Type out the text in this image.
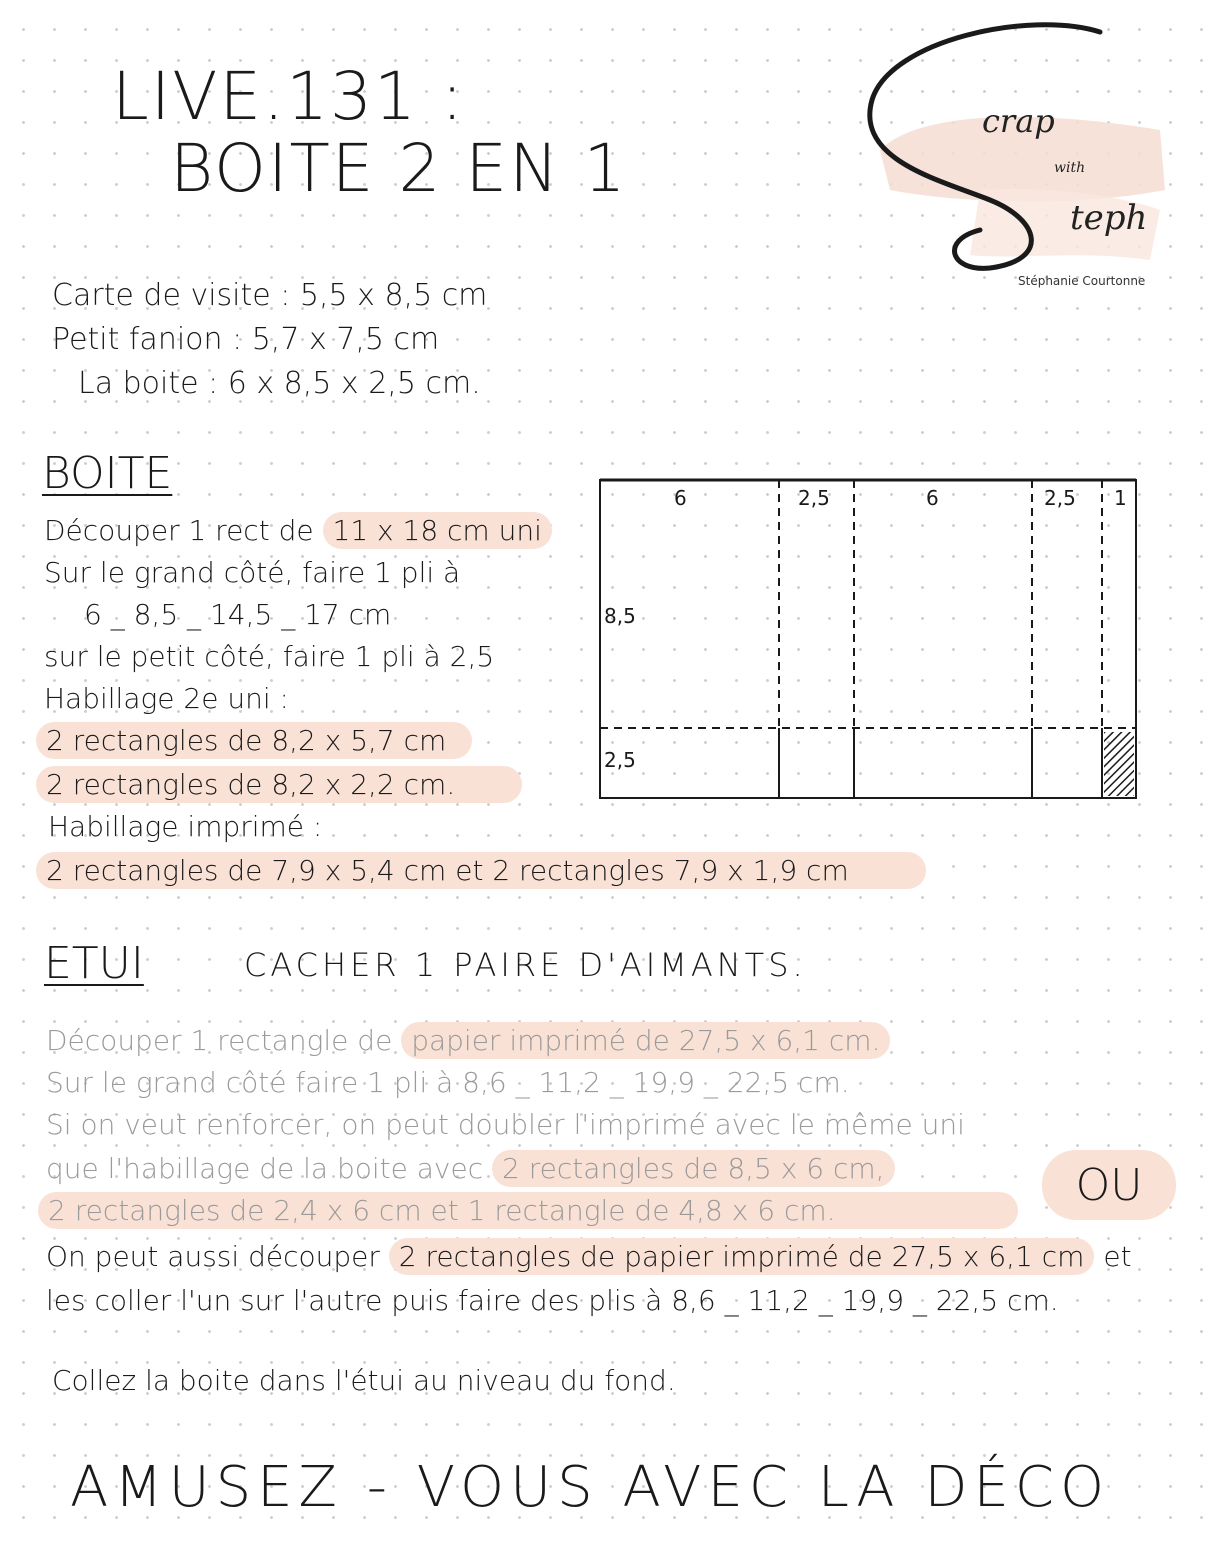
LIVE.131 :
BOITE 2 EN 1
crap
with
teph
Stéphanie Courtonne
Carte de visite : 5,5 x 8,5 cm
Petit fanion : 5,7 x 7,5 cm
La boite : 6 x 8,5 x 2,5 cm.
BOITE
Découper 1 rect de 11 x 18 cm uni
Sur le grand côté, faire 1 pli à
6 _ 8,5 _ 14,5 _ 17 cm
sur le petit côté, faire 1 pli à 2,5
Habillage 2e uni :
2 rectangles de 8,2 x 5,7 cm
2 rectangles de 8,2 x 2,2 cm.
Habillage imprimé :
2 rectangles de 7,9 x 5,4 cm et 2 rectangles 7,9 x 1,9 cm
6	2,5	6	2,5 1
8,5
2,5
ETUI	CACHER 1 PAIRE D'AIMANTS.
Découper 1 rectangle de papier imprimé de 27,5 x 6,1 cm.
Sur le grand côté faire 1 pli à 8,6 _ 11,2 _ 19,9 _ 22,5 cm.
Si on veut renforcer, on peut doubler l'imprimé avec le même uni
que l'habillage de la boite avec 2 rectangles de 8,5 x 6 cm,
2 rectangles de 2,4 x 6 cm et 1 rectangle de 4,8 x 6 cm.	OU
On peut aussi découper 2 rectangles de papier imprimé de 27,5 x 6,1 cm et
les coller l'un sur l'autre puis faire des plis à 8,6 _ 11,2 _ 19,9 _ 22,5 cm.
Collez la boite dans l'étui au niveau du fond.
AMUSEZ - VOUS AVEC LA DÉCO
